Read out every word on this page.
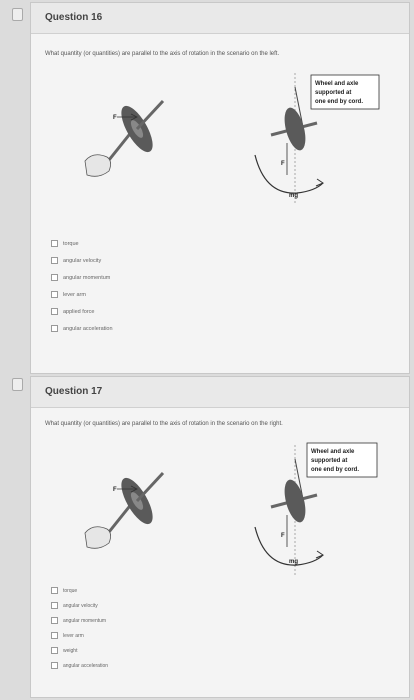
Question 16
What quantity (or quantities) are parallel to the axis of rotation in the scenario on the left.
F
F
mg
Wheel and axle
supported at
one end by cord.
torque
angular velocity
angular momentum
lever arm
applied force
angular acceleration
Question 17
What quantity (or quantities) are parallel to the axis of rotation in the scenario on the right.
F
F
mg
Wheel and axle
supported at
one end by cord.
torque
angular velocity
angular momentum
lever arm
weight
angular acceleration
